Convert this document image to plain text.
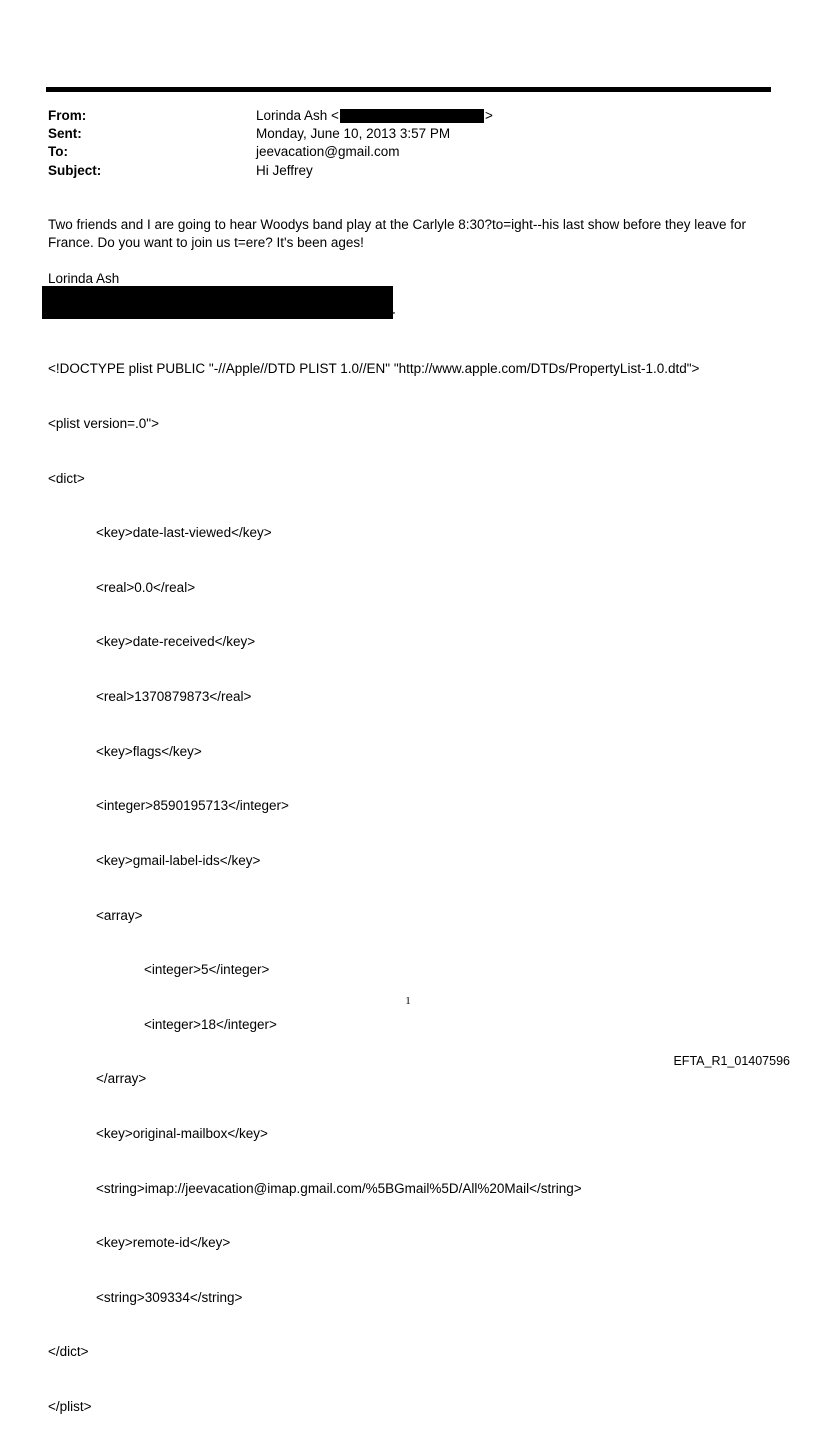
From:	Lorinda Ash <	>
Sent:	Monday, June 10, 2013 3:57 PM
To:	jeevacation@gmail.com
Subject:	Hi Jeffrey
Two friends and I are going to hear Woodys band play at the Carlyle 8:30?to=ight--his last show before they leave for France. Do you want to join us t=ere? It's been ages!
Lorinda Ash
>

<!DOCTYPE plist PUBLIC "-//Apple//DTD PLIST 1.0//EN" "http://www.apple.com/DTDs/PropertyList-1.0.dtd">

<plist version=.0">

<dict>

<key>date-last-viewed</key>

<real>0.0</real>

<key>date-received</key>

<real>1370879873</real>

<key>flags</key>

<integer>8590195713</integer>

<key>gmail-label-ids</key>

<array>

<integer>5</integer>

<integer>18</integer>

</array>

<key>original-mailbox</key>

<string>imap://jeevacation@imap.gmail.com/%5BGmail%5D/All%20Mail</string>

<key>remote-id</key>

<string>309334</string>

</dict>

</plist>

1
EFTA_R1_01407596
